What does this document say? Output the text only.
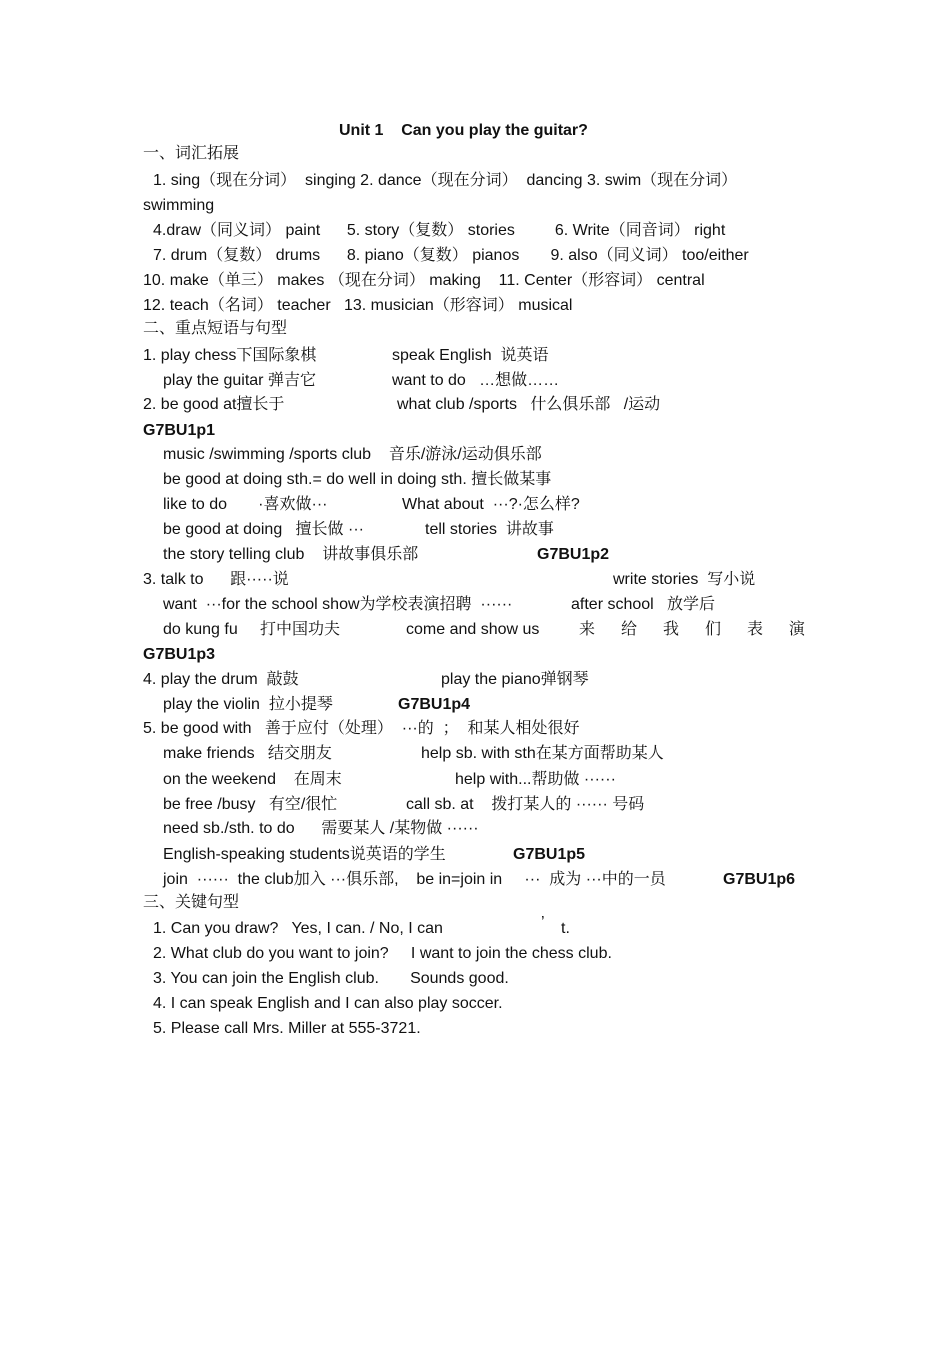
Unit 1    Can you play the guitar?
一、词汇拓展
1. sing（现在分词）  singing 2. dance（现在分词）  dancing 3. swim（现在分词）
swimming
4.draw（同义词） paint      5. story（复数） stories         6. Write（同音词） right
7. drum（复数） drums      8. piano（复数） pianos       9. also（同义词） too/either
10. make（单三） makes （现在分词） making    11. Center（形容词） central
12. teach（名词） teacher   13. musician（形容词） musical
二、重点短语与句型
1. play chess下国际象棋	speak English  说英语
play the guitar 弹吉它	want to do   …想做……
2. be good at擅长于	what club /sports   什么俱乐部   /运动
G7BU1p1
music /swimming /sports club    音乐/游泳/运动俱乐部
be good at doing sth.= do well in doing sth. 擅长做某事
like to do       ·喜欢做···	What about  ···?·怎么样?
be good at doing   擅长做 ···	tell stories  讲故事
the story telling club    讲故事俱乐部	G7BU1p2
3. talk to      跟·····说	write stories  写小说
want  ···for the school show为学校表演招聘  ······	after school   放学后
do kung fu     打中国功夫	come and show us 来 给 我 们 表 演
G7BU1p3
4. play the drum  敲鼓	play the piano弹钢琴
play the violin  拉小提琴	G7BU1p4
5. be good with   善于应付（处理）  ···的  ；  和某人相处很好
make friends   结交朋友	help sb. with sth在某方面帮助某人
on the weekend    在周末	help with...帮助做 ······
be free /busy   有空/很忙	call sb. at    拨打某人的 ······ 号码
need sb./sth. to do      需要某人 /某物做 ······
English-speaking students说英语的学生	G7BU1p5
join  ······  the club加入 ···俱乐部,    be in=join in     ···  成为 ···中的一员	G7BU1p6
三、关键句型
1. Can you draw?   Yes, I can. / No, I can	’ t.
2. What club do you want to join?     I want to join the chess club.
3. You can join the English club.       Sounds good.
4. I can speak English and I can also play soccer.
5. Please call Mrs. Miller at 555-3721.
